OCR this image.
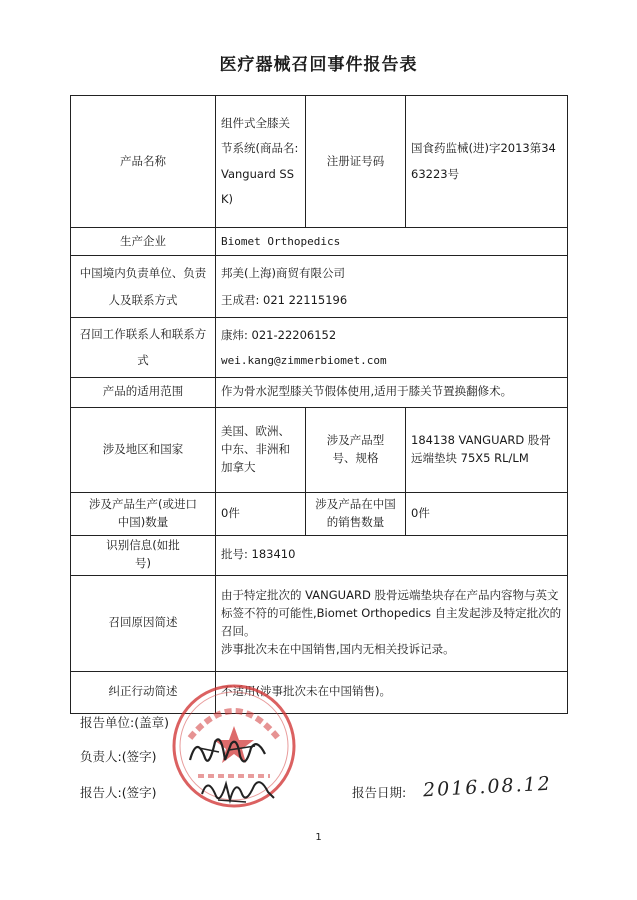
医疗器械召回事件报告表
产品名称	组件式全膝关节系统(商品名: Vanguard SSK)	注册证号码	国食药监械(进)字2013第3463223号
生产企业	Biomet Orthopedics		
中国境内负责单位、负责人及联系方式	邦美(上海)商贸有限公司
王成君: 021 22115196		

召回工作联系人和联系方式	康炜: 021-22206152
wei.kang@zimmerbiomet.com		

产品的适用范围	作为骨水泥型膝关节假体使用,适用于膝关节置换翻修术。		
涉及地区和国家	美国、欧洲、中东、非洲和加拿大	涉及产品型号、规格	184138 VANGUARD 股骨远端垫块 75X5 RL/LM
涉及产品生产(或进口中国)数量	0件	涉及产品在中国的销售数量	0件
识别信息(如批号)	批号: 183410		
召回原因简述	由于特定批次的 VANGUARD 股骨远端垫块存在产品内容物与英文标签不符的可能性,Biomet Orthopedics 自主发起涉及特定批次的召回。
涉事批次未在中国销售,国内无相关投诉记录。		

纠正行动简述	不适用(涉事批次未在中国销售)。		
报告单位:(盖章)
负责人:(签字)
报告人:(签字)	报告日期: 2016.08.12
1
